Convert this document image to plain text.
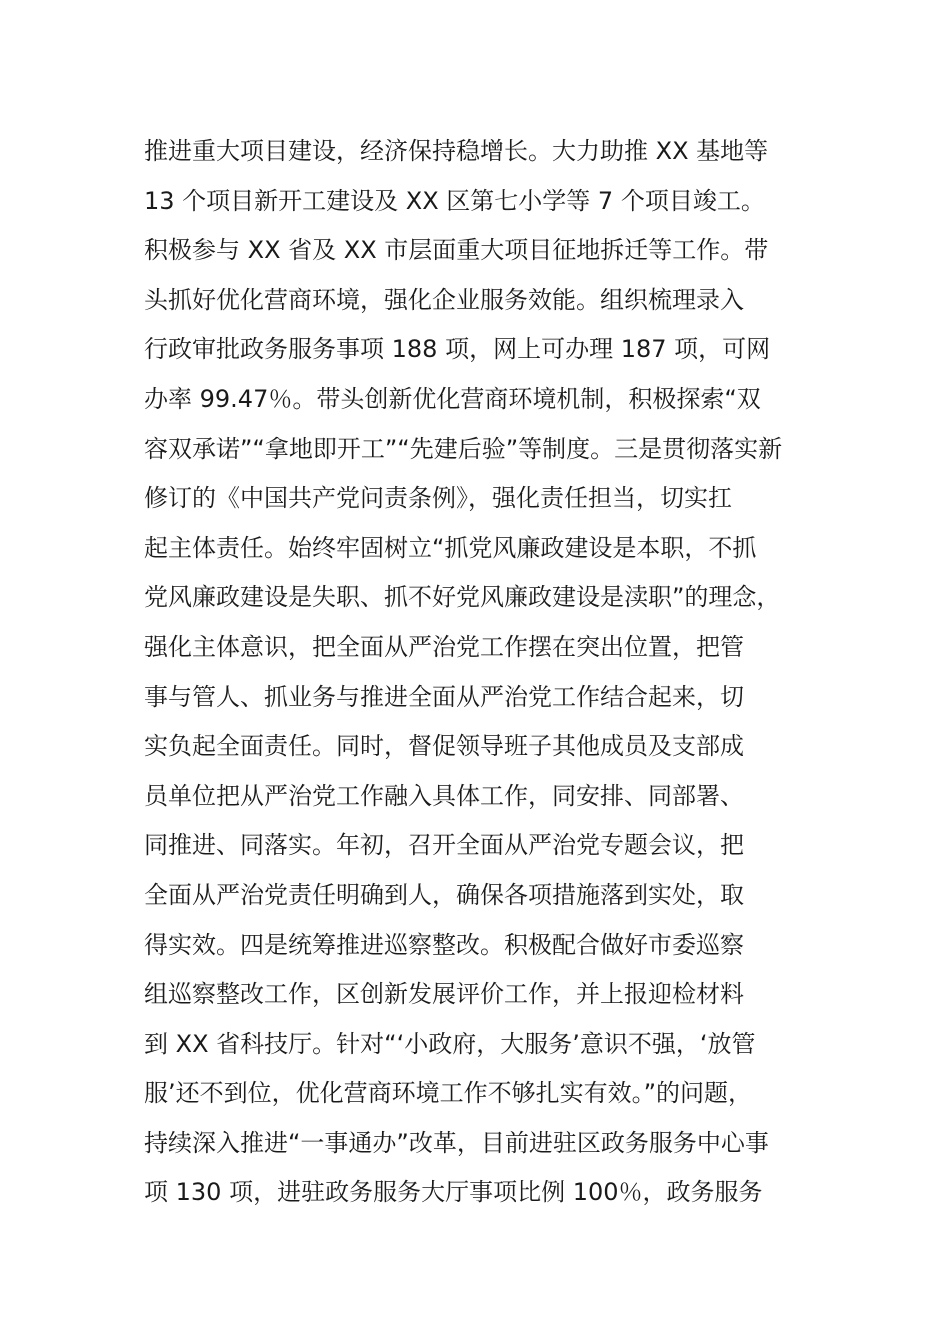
推进重大项目建设，经济保持稳增长。大力助推 XX 基地等
13 个项目新开工建设及 XX 区第七小学等 7 个项目竣工。
积极参与 XX 省及 XX 市层面重大项目征地拆迁等工作。带
头抓好优化营商环境，强化企业服务效能。组织梳理录入
行政审批政务服务事项 188 项，网上可办理 187 项，可网
办率 99.47％。带头创新优化营商环境机制，积极探索“双
容双承诺”“拿地即开工”“先建后验”等制度。三是贯彻落实新
修订的《中国共产党问责条例》，强化责任担当，切实扛
起主体责任。始终牢固树立“抓党风廉政建设是本职，不抓
党风廉政建设是失职、抓不好党风廉政建设是渎职”的理念，
强化主体意识，把全面从严治党工作摆在突出位置，把管
事与管人、抓业务与推进全面从严治党工作结合起来，切
实负起全面责任。同时，督促领导班子其他成员及支部成
员单位把从严治党工作融入具体工作，同安排、同部署、
同推进、同落实。年初，召开全面从严治党专题会议，把
全面从严治党责任明确到人，确保各项措施落到实处，取
得实效。四是统筹推进巡察整改。积极配合做好市委巡察
组巡察整改工作，区创新发展评价工作，并上报迎检材料
到 XX 省科技厅。针对“‘小政府，大服务’意识不强，‘放管
服’还不到位，优化营商环境工作不够扎实有效。”的问题，
持续深入推进“一事通办”改革，目前进驻区政务服务中心事
项 130 项，进驻政务服务大厅事项比例 100％，政务服务
